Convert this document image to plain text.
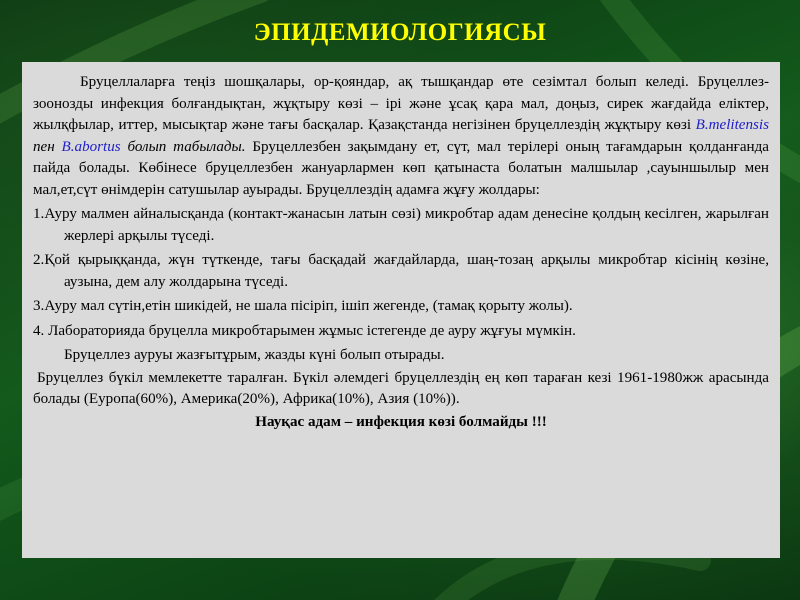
ЭПИДЕМИОЛОГИЯСЫ

Бруцеллаларға теңіз шошқалары, ор-қояндар, ақ тышқандар өте сезімтал болып келеді. Бруцеллез-зоонозды инфекция болғандықтан, жұқтыру көзі – ірі және ұсақ қара мал, доңыз, сирек жағдайда еліктер, жылқфылар, иттер, мысықтар және тағы басқалар. Қазақстанда негізінен бруцеллездің жұқтыру көзі B.melitensis пен B.abortus болып табылады. Бруцеллезбен зақымдану ет, сүт, мал терілері оның тағамдарын қолданғанда пайда болады. Көбінесе бруцеллезбен жануарлармен көп қатынаста болатын малшылар ,сауыншылыр мен мал,ет,сүт өнімдерін сатушылар ауырады. Бруцеллездің адамға жұғу жолдары:

1.Ауру малмен айналысқанда (контакт-жанасын латын сөзі) микробтар адам денесіне қолдың кесілген, жарылған жерлері арқылы түседі.

2.Қой қырыққанда, жүн түткенде, тағы басқадай жағдайларда, шаң-тозаң арқылы микробтар кісінің көзіне, аузына, дем алу жолдарына түседі.

3.Ауру мал сүтін,етін шикідей, не шала пісіріп, ішіп жегенде, (тамақ қорыту жолы).

4. Лабораторияда бруцелла микробтарымен жұмыс істегенде де ауру жұғуы мүмкін.

Бруцеллез ауруы жазғытұрым, жазды күні болып отырады.

Бруцеллез бүкіл мемлекетте таралған. Бүкіл әлемдегі бруцеллездің ең көп тараған кезі 1961-1980жж арасында болады (Еуропа(60%), Америка(20%), Африка(10%), Азия (10%)).

Науқас адам – инфекция көзі болмайды !!!
